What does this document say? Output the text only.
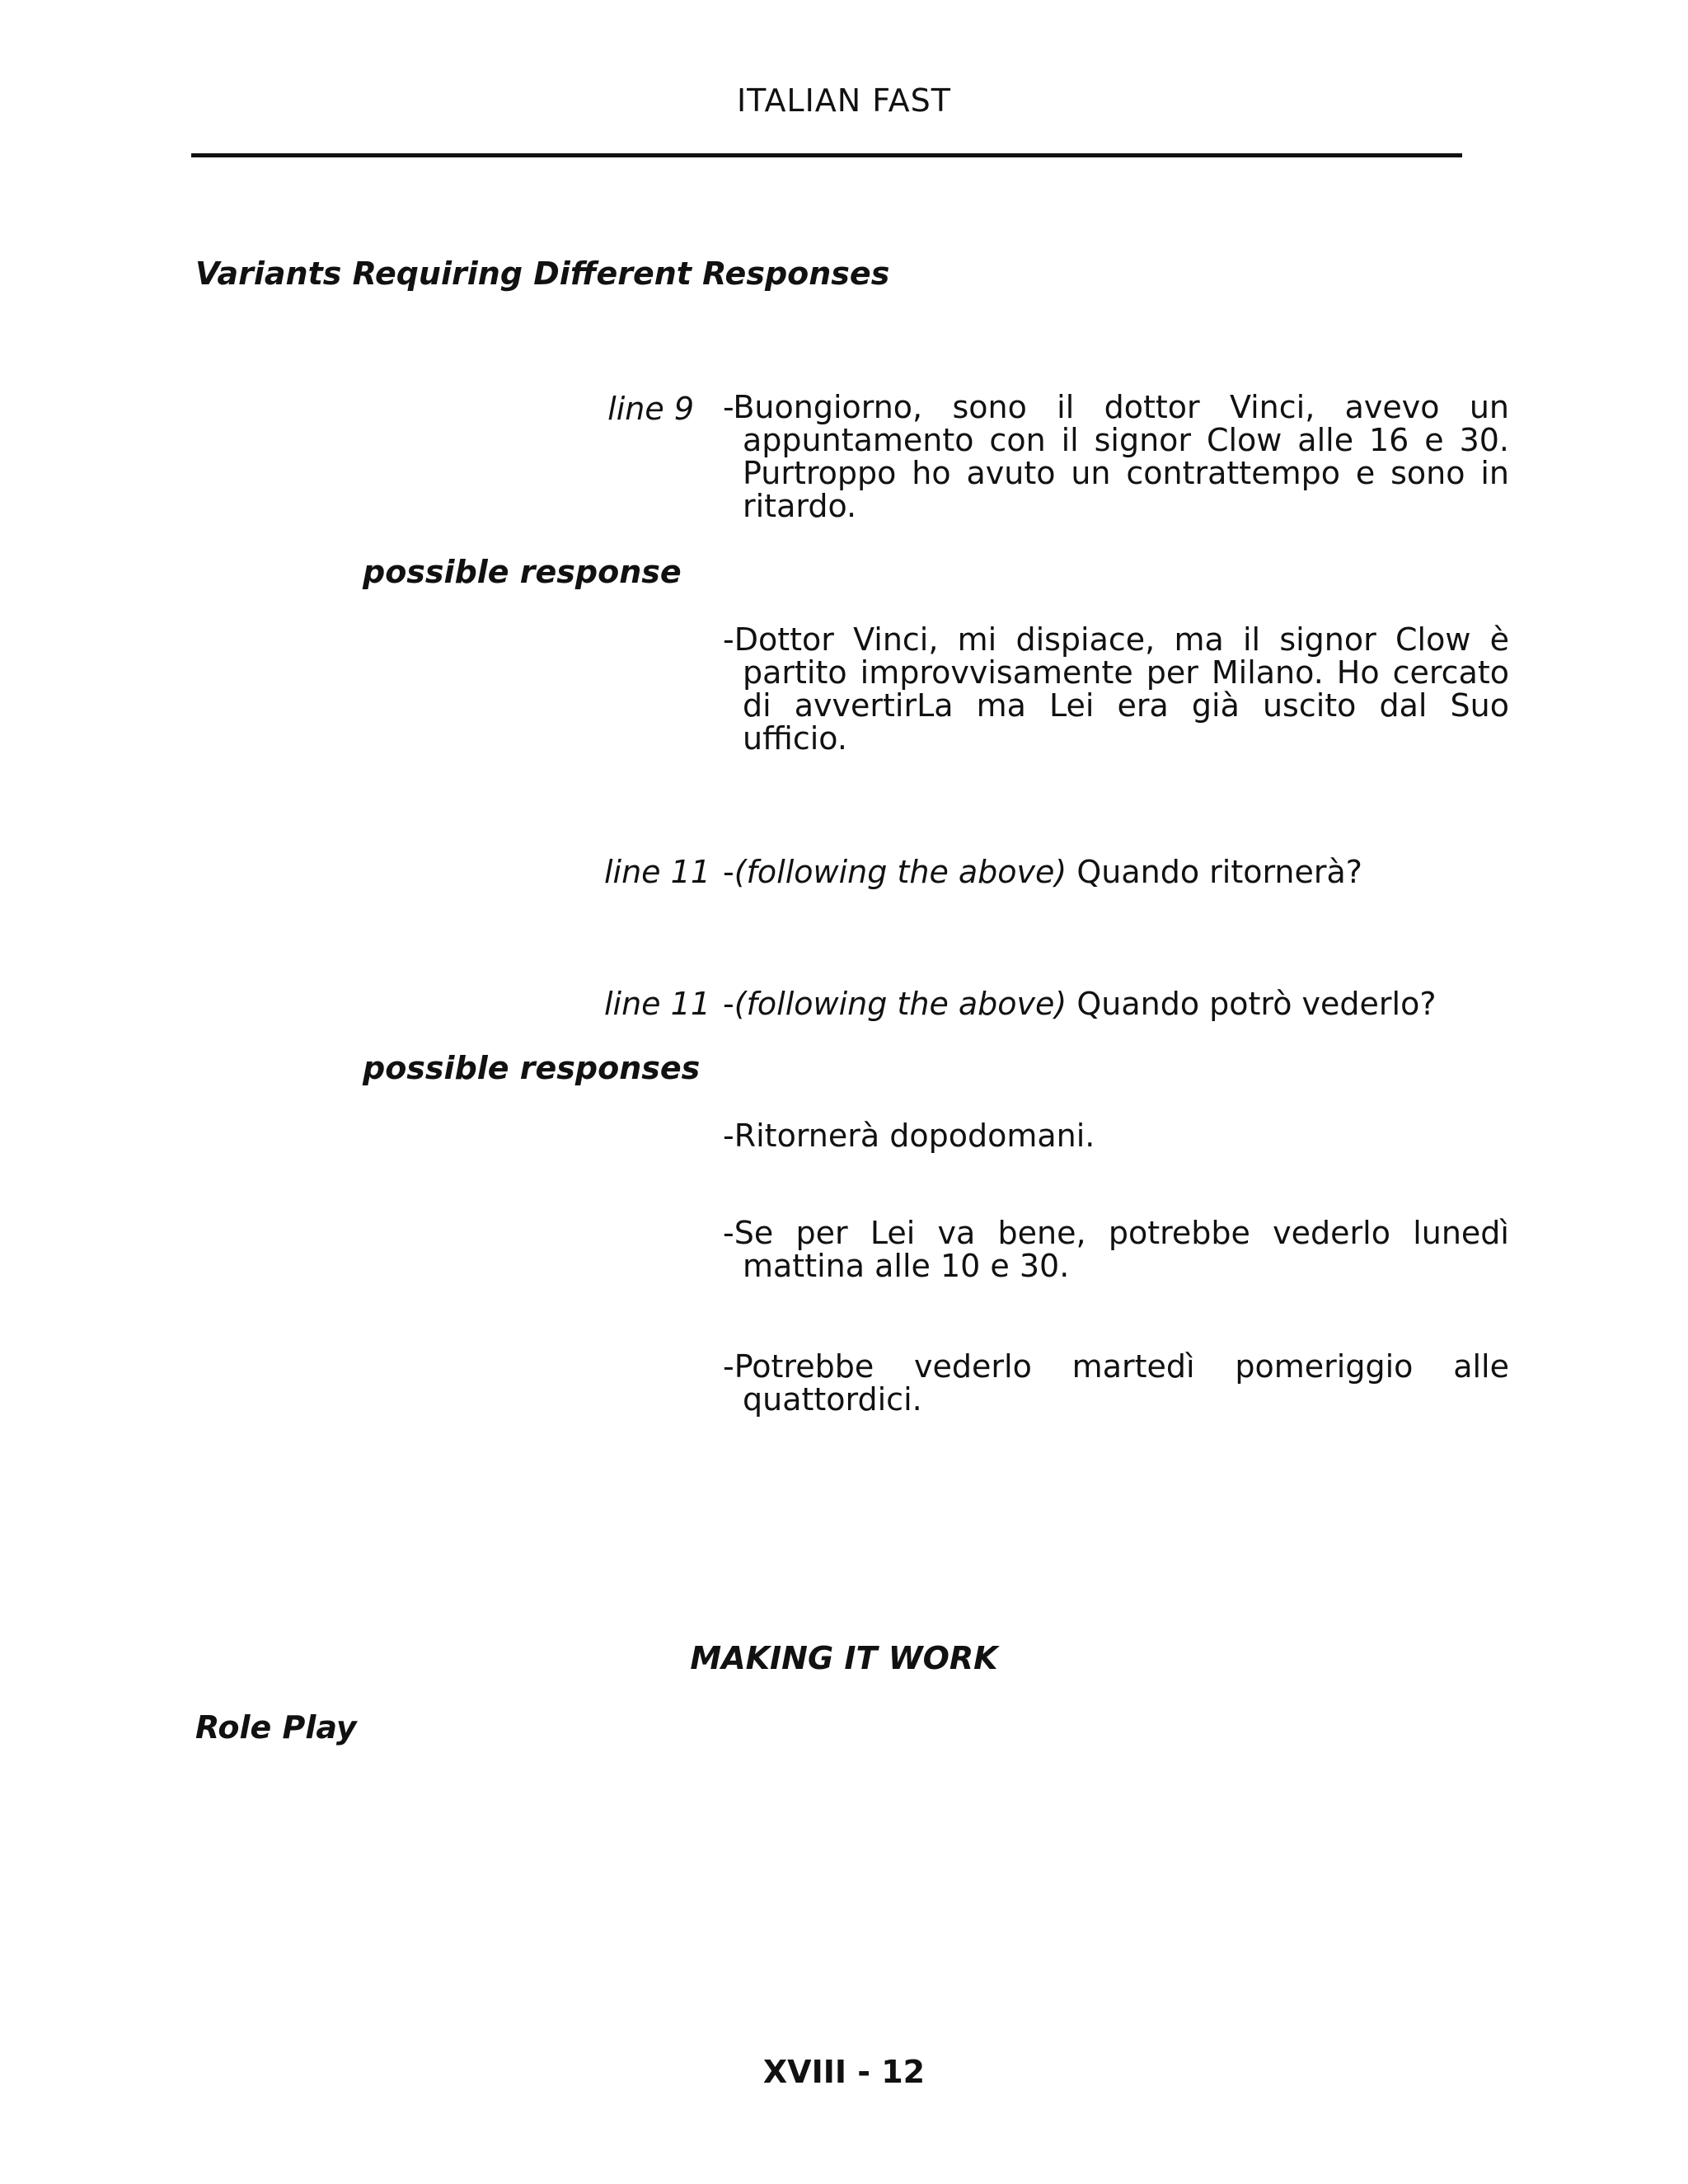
ITALIAN FAST
Variants Requiring Different Responses
line 9 -Buongiorno, sono il dottor Vinci, avevo un appuntamento con il signor Clow alle 16 e 30. Purtroppo ho avuto un contrattempo e sono in ritardo.
possible response
-Dottor Vinci, mi dispiace, ma il signor Clow è partito improvvisamente per Milano. Ho cercato di avvertirLa ma Lei era già uscito dal Suo ufficio.
line 11 -(following the above) Quando ritornerà?
line 11 -(following the above) Quando potrò vederlo?
possible responses
-Ritornerà dopodomani.
-Se per Lei va bene, potrebbe vederlo lunedì mattina alle 10 e 30.
-Potrebbe vederlo martedì pomeriggio alle quattordici.
MAKING IT WORK
Role Play
XVIII - 12
